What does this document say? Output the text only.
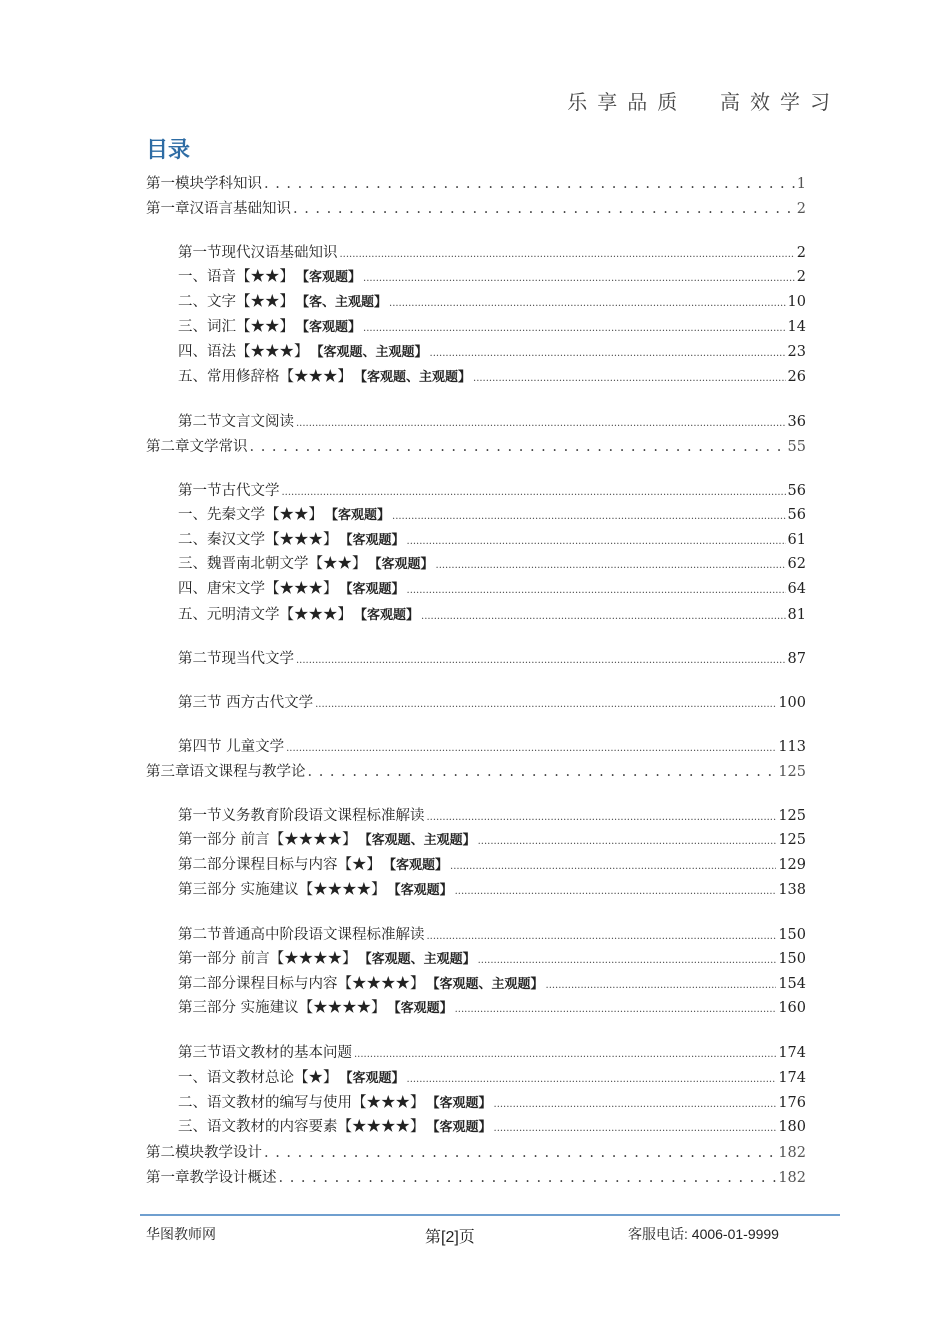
乐享品质  高效学习
目录
第一模块学科知识 . . .	1
第一章汉语言基础知识 . . .	2
第一节现代汉语基础知识 .....	2
一、语音【★★】 【客观题】 .....	2
二、文字【★★】 【客、主观题】 .....	10
三、词汇【★★】 【客观题】 .....	14
四、语法【★★★】 【客观题、主观题】 .....	23
五、常用修辞格【★★★】 【客观题、主观题】 .....	26
第二节文言文阅读 .....	36
第二章文学常识 . . .	55
第一节古代文学 .....	56
一、先秦文学【★★】 【客观题】 .....	56
二、秦汉文学【★★★】 【客观题】 .....	61
三、魏晋南北朝文学【★★】 【客观题】 .....	62
四、唐宋文学【★★★】 【客观题】 .....	64
五、元明清文学【★★★】 【客观题】 .....	81
第二节现当代文学 .....	87
第三节 西方古代文学 .....	100
第四节 儿童文学 .....	113
第三章语文课程与教学论 . . .	125
第一节义务教育阶段语文课程标准解读 .....	125
第一部分 前言【★★★★】 【客观题、主观题】 .....	125
第二部分课程目标与内容【★】 【客观题】 .....	129
第三部分 实施建议【★★★★】 【客观题】 .....	138
第二节普通高中阶段语文课程标准解读 .....	150
第一部分 前言【★★★★】 【客观题、主观题】 .....	150
第二部分课程目标与内容【★★★★】 【客观题、主观题】 .....	154
第三部分 实施建议【★★★★】 【客观题】 .....	160
第三节语文教材的基本问题 .....	174
一、语文教材总论【★】 【客观题】 .....	174
二、语文教材的编写与使用【★★★】 【客观题】 .....	176
三、语文教材的内容要素【★★★★】 【客观题】 .....	180
第二模块教学设计 . . .	182
第一章教学设计概述 . . .	182
华图教师网	第[2]页	客服电话: 4006-01-9999
